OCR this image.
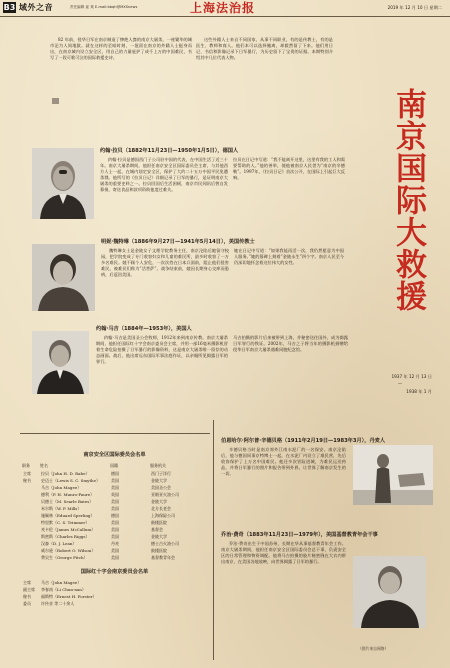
B3 域外之音	责任编辑 崔 爽 E-mail:bbqh@MXSnews	上海法治报	2019 年 12 月 10 日 星期二

82 年前，侵华日军在南京制造了惨绝人寰的南京大屠杀，一座繁华的城市沦为人间地狱。就在这样的至暗时刻，一批留在南京的外籍人士挺身而出，在南京城内设立安全区，用自己的力量庇护了成千上万的中国难民，书写了一段可歌可泣的国际救援史诗。

这些外籍人士来自不同国家，从事不同职业，有的是传教士，有的是医生、教师和商人。他们本可以选择撤离，却毅然留了下来。他们用日记、书信和影像记录下日军暴行，为历史留下了宝贵的证据。本期特别介绍其中几位代表人物。

南京国际大救援
1937 年 12 月 13 日
—
1938 年 1 月
约翰·拉贝（1882年11月23日—1950年1月5日），德国人

约翰·拉贝是德国西门子公司驻中国的代表，在中国生活了近三十年。南京大屠杀期间，他担任南京安全区国际委员会主席，与其他西方人士一起，在城内划定安全区，保护了大约二十五万中国平民免遭杀戮。他所写的《拉贝日记》详细记录了日军的暴行，是证明南京大屠杀的重要史料之一。拉贝回国后生活困顿，南京市民闻讯后曾自发募捐，寄送食品和款项资助他度过难关。

拉贝在日记中写道：“我不能离开这里，这里有我的工人和需要帮助的人。”他的善举，使他被南京人民誉为“南京的辛德勒”。1997年，《拉贝日记》首次公开，在国际上引起巨大反响。

明妮·魏特琳（1886年9月27日—1941年5月14日），美国传教士

魏特琳女士是金陵女子文理学院教务主任，南京沦陷后她留守校园，把学院变成了专门收容妇女和儿童的难民所，最多时收容了一万多名难民。她不顾个人安危，一次次挡在日本兵面前，阻止他们侵害难民，被难民们称为“活菩萨”。战争结束前，她因长期身心交瘁而患病，后返回美国。

她在日记中写道：“如果我能再活一次，我仍然愿意为中国人服务。”她的墓碑上刻着“金陵永生”四个字。南京人民至今仍深切地怀念着这位伟大的女性。

约翰·马吉（1884年—1953年），美国人

约翰·马吉是美国圣公会牧师，1912年来到南京传教。南京大屠杀期间，他担任国际红十字会南京委员会主席，并用一部16毫米摄影机冒着生命危险拍摄了日军暴行的影像资料，这是南京大屠杀唯一留存的动态画面。战后，他出席远东国际军事法庭作证，以亲眼所见揭露日军的罪行。

马吉拍摄的影片后来被带到上海，并秘密送往国外，成为揭露日军罪行的铁证。2002年，马吉之子将当年的摄影机捐赠给侵华日军南京大屠杀遇难同胞纪念馆。

南京安全区国际委员会名单
职务	姓名	国籍	服务机关
主席	拉贝（John H. D. Rabe）	德国	西门子洋行
秘书	史迈士（Lewis S. C. Smythe）	美国	金陵大学
	马吉（John Magee）	美国	美国圣公会
	德利（P. H. Munro-Faure）	英国	亚细亚火油公司
	贝德士（M. Searle Bates）	美国	金陵大学
	米尔斯（W. P. Mills）	美国	北方长老会
	施佩林（Eduard Sperling）	德国	上海保险公司
	特里默（C. S. Trimmer）	美国	鼓楼医院
	麦卡伦（James McCallum）	美国	基督会
	斯密斯（Charles Riggs）	美国	金陵大学
	汉森（D. J. Lean）	丹麦	德士古火油公司
	威尔逊（Robert O. Wilson）	美国	鼓楼医院
	费吴生（George Fitch）	美国	基督教青年会
国际红十字会南京委员会名单
主席	马吉（John Magee）
副主席	李春南（Li Chun-nan）
秘书	福斯特（Ernest H. Forster）
委员	许传音 等二十余人
伯恩哈尔·阿尔普·辛德贝格（1911年2月19日—1983年3月），丹麦人

辛德贝格当时是南京郊外江南水泥厂的一名保安。南京沦陷后，他与德国同事京特博士一起，在水泥厂内设立了难民营，先后收容保护了上万名中国难民。他还多次冒险进城，为难民运送药品，并将日军暴行的照片和报告带到外界，让世界了解南京发生的一切。

乔治·费奇（1883年11月23日—1979年），美国基督教青年会干事

乔治·费奇出生于中国苏州，长期在华从事基督教青年会工作。南京大屠杀期间，他担任南京安全区国际委员会总干事，负责安全区的日常管理和物资调配。他将马吉拍摄的胶片秘密缝在大衣内带出南京，在美国各地放映，向世界揭露了日军的暴行。

（图片来自网络）
